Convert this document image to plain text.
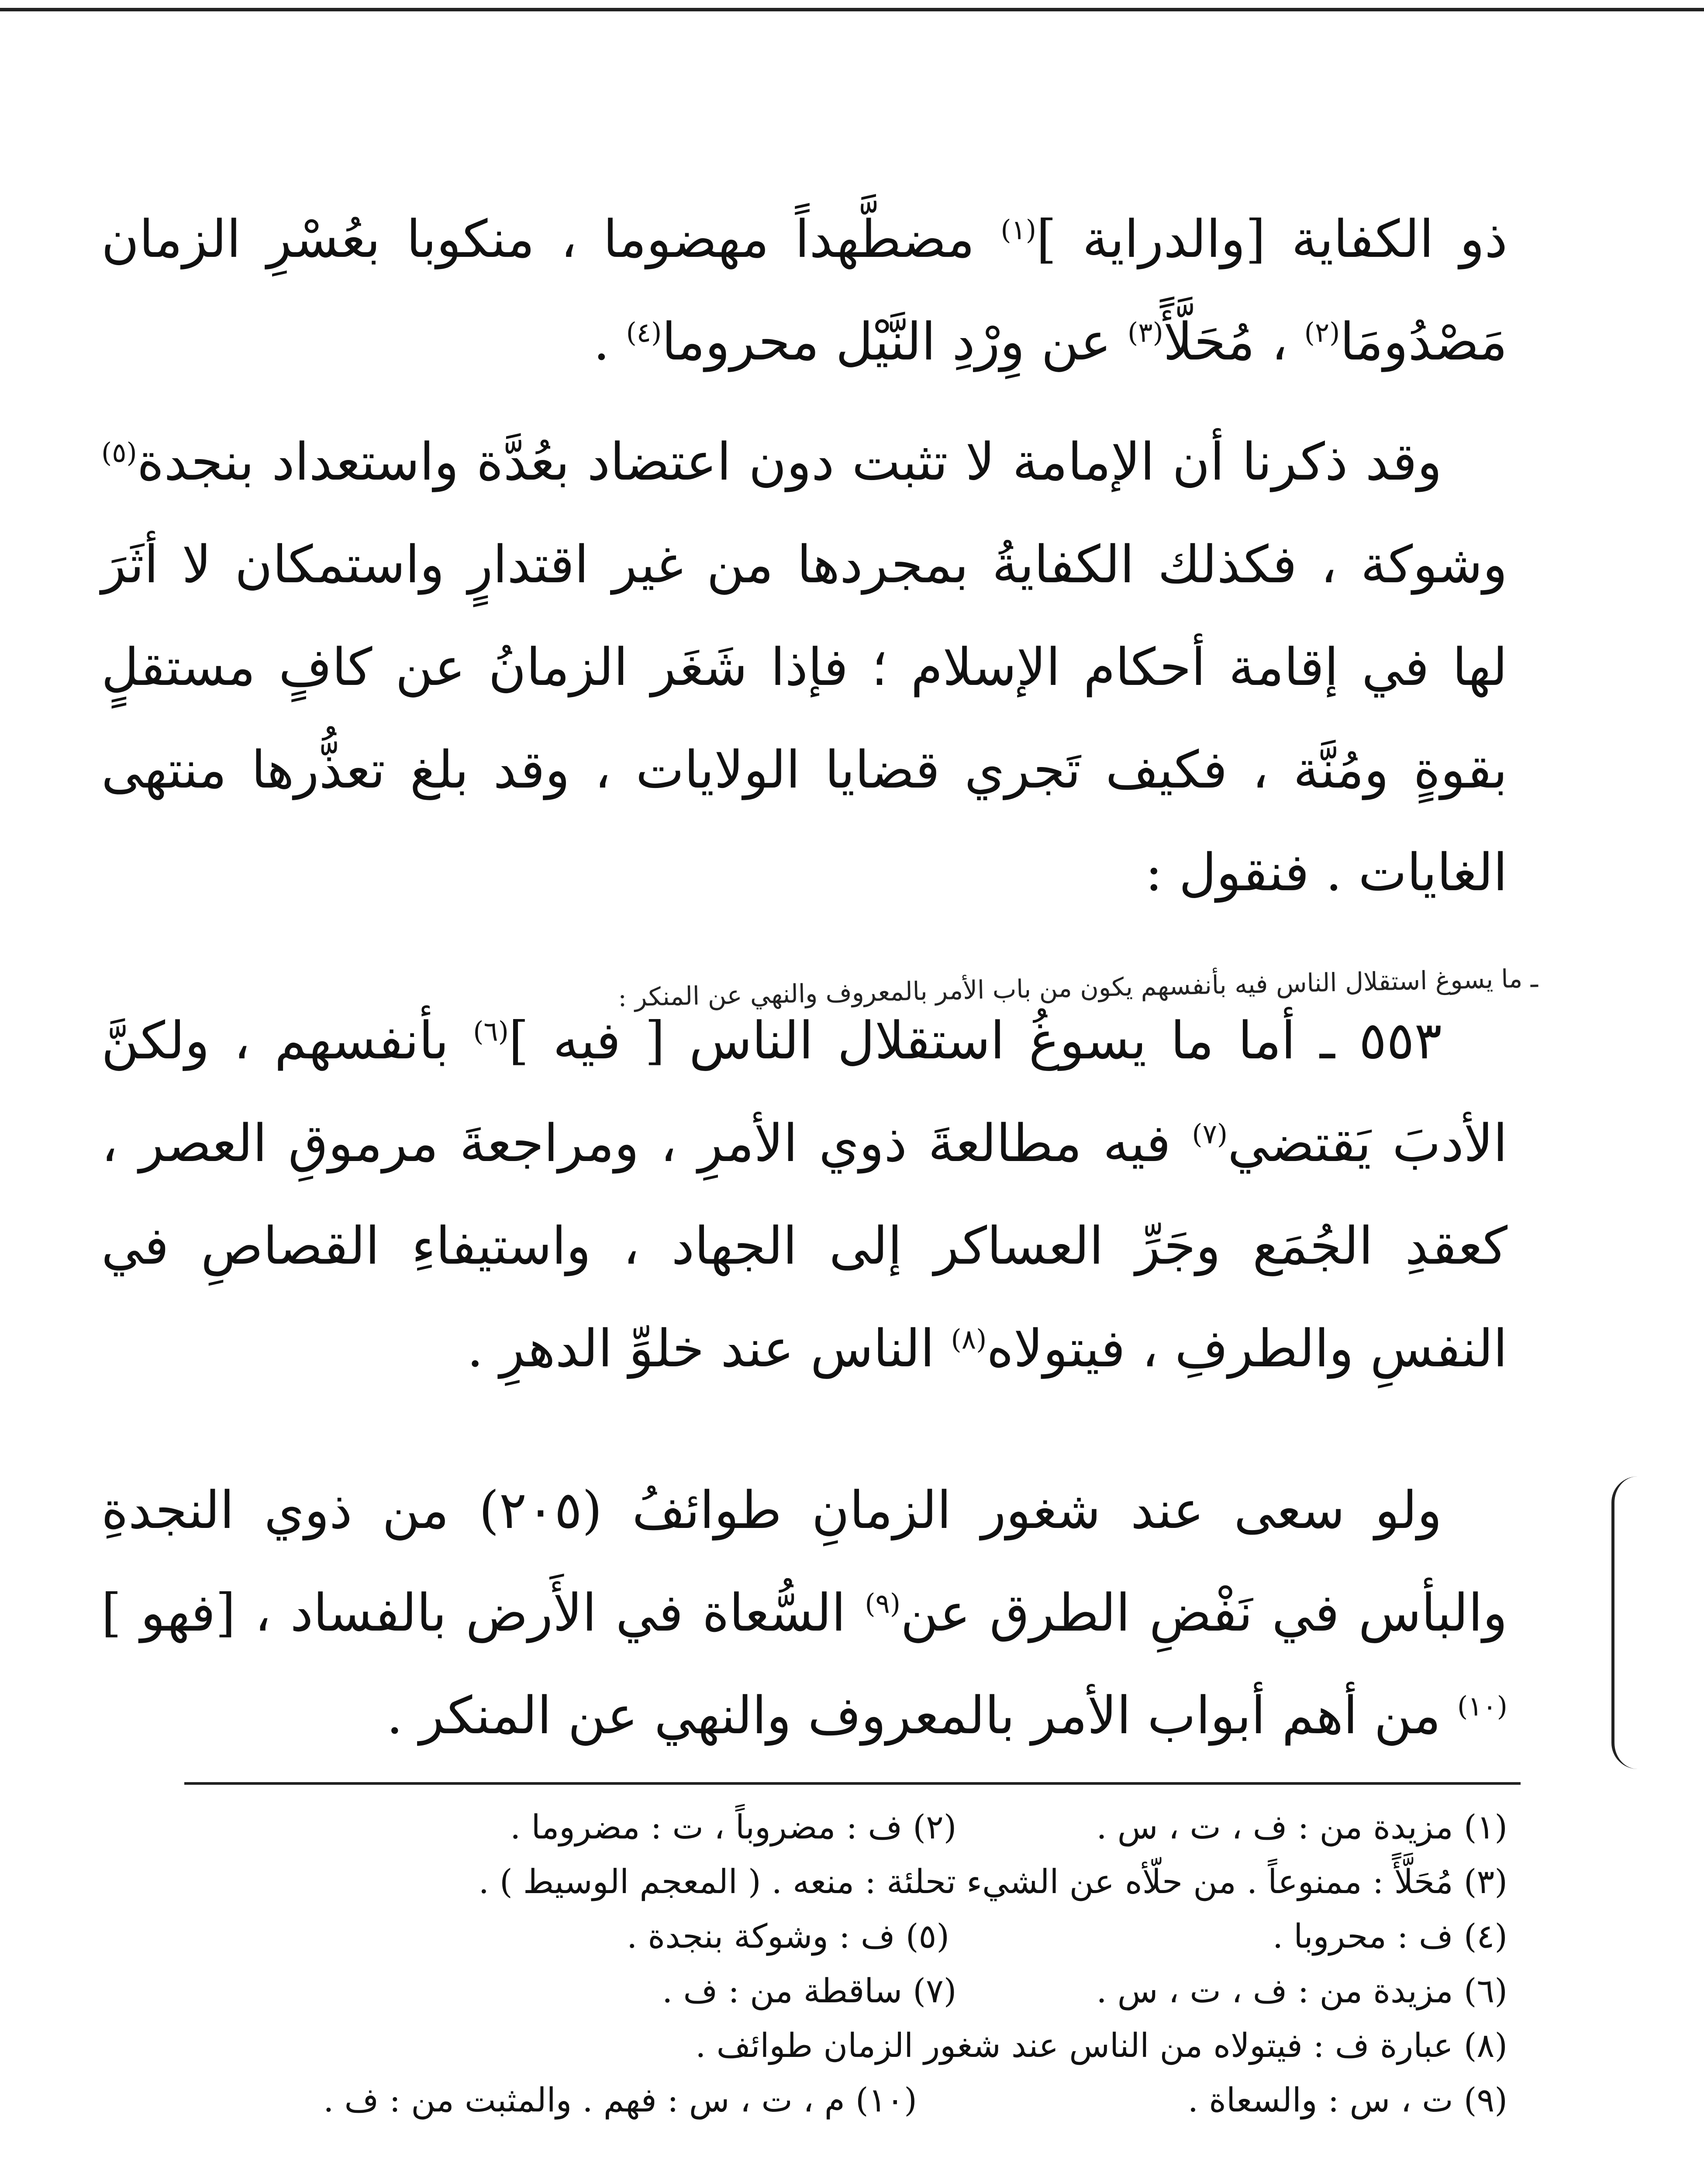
ذو الكفاية [والدراية ]$^{(١)}$ مضطَّهداً مهضوما ، منكوبا بعُسْرِ الزمان مَصْدُومَا$^{(٢)}$ ، مُحَلَّأً$^{(٣)}$ عن وِرْدِ النَّيْل محروما$^{(٤)}$ .

وقد ذكرنا أن الإمامة لا تثبت دون اعتضاد بعُدَّة واستعداد بنجدة$^{(٥)}$ وشوكة ، فكذلك الكفايةُ بمجردها من غير اقتدارٍ واستمكان لا أثَرَ لها في إقامة أحكام الإسلام ؛ فإذا شَغَر الزمانُ عن كافٍ مستقلٍ بقوةٍ ومُنَّة ، فكيف تَجري قضايا الولايات ، وقد بلغ تعذُّرها منتهى الغايات . فنقول :

٥٥٣ ـ أما ما يسوغُ استقلال الناس [ فيه ]$^{(٦)}$ بأنفسهم ، ولكنَّ الأدبَ يَقتضي$^{(٧)}$ فيه مطالعةَ ذوي الأمرِ ، ومراجعةَ مرموقِ العصر ، كعقدِ الجُمَع وجَرِّ العساكر إلى الجهاد ، واستيفاءِ القصاصِ في النفسِ والطرفِ ، فيتولاه$^{(٨)}$ الناس عند خلوِّ الدهرِ .

ـ ما يسوغ استقلال الناس فيه بأنفسهم يكون من باب الأمر بالمعروف والنهي عن المنكر :

ولو سعى عند شغور الزمانِ طوائفُ (٢٠٥) من ذوي النجدةِ والبأس في نَفْضِ الطرق عن$^{(٩)}$ السُّعاة في الأَرض بالفساد ، [فهو ]$^{(١٠)}$ من أهم أبواب الأمر بالمعروف والنهي عن المنكر .

(١) مزيدة من : ف ، ت ، س .
(٢) ف : مضروباً ، ت : مضروما .
(٣) مُحَلَّأً : ممنوعاً . من حلّأه عن الشيء تحلئة : منعه . ( المعجم الوسيط ) .
(٤) ف : محروبا .
(٥) ف : وشوكة بنجدة .
(٦) مزيدة من : ف ، ت ، س .
(٧) ساقطة من : ف .
(٨) عبارة ف : فيتولاه من الناس عند شغور الزمان طوائف .
(٩) ت ، س : والسعاة .
(١٠) م ، ت ، س : فهم . والمثبت من : ف .
